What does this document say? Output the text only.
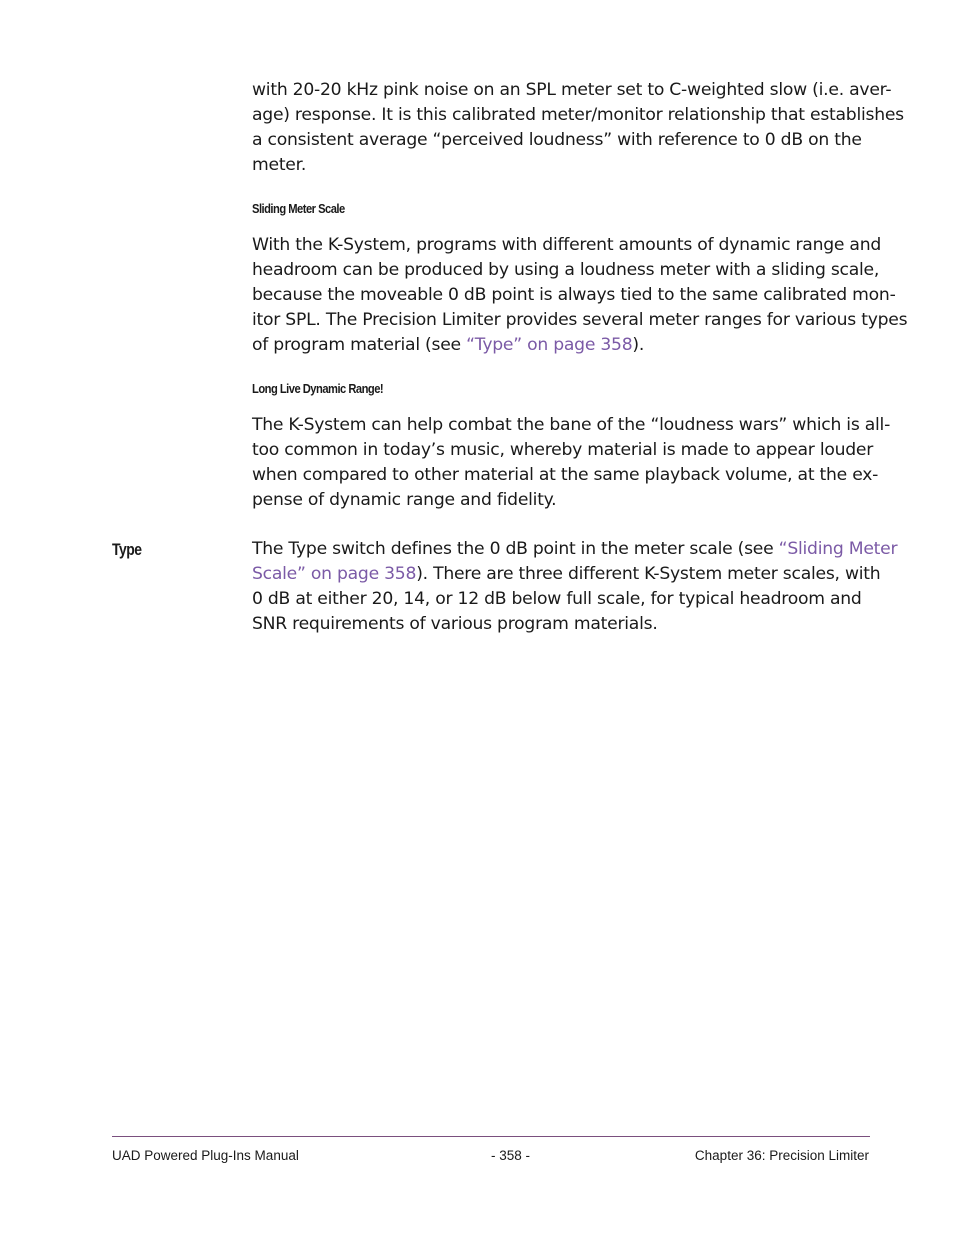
with 20-20 kHz pink noise on an SPL meter set to C-weighted slow (i.e. aver-
age) response. It is this calibrated meter/monitor relationship that establishes
a consistent average “perceived loudness” with reference to 0 dB on the
meter.

Sliding Meter Scale

With the K-System, programs with different amounts of dynamic range and
headroom can be produced by using a loudness meter with a sliding scale,
because the moveable 0 dB point is always tied to the same calibrated mon-
itor SPL. The Precision Limiter provides several meter ranges for various types
of program material (see “Type” on page 358).

Long Live Dynamic Range!

The K-System can help combat the bane of the “loudness wars” which is all-
too common in today’s music, whereby material is made to appear louder
when compared to other material at the same playback volume, at the ex-
pense of dynamic range and fidelity.

Type	The Type switch defines the 0 dB point in the meter scale (see “Sliding Meter
Scale” on page 358). There are three different K-System meter scales, with
0 dB at either 20, 14, or 12 dB below full scale, for typical headroom and
SNR requirements of various program materials.

UAD Powered Plug-Ins Manual	- 358 -	Chapter 36: Precision Limiter
